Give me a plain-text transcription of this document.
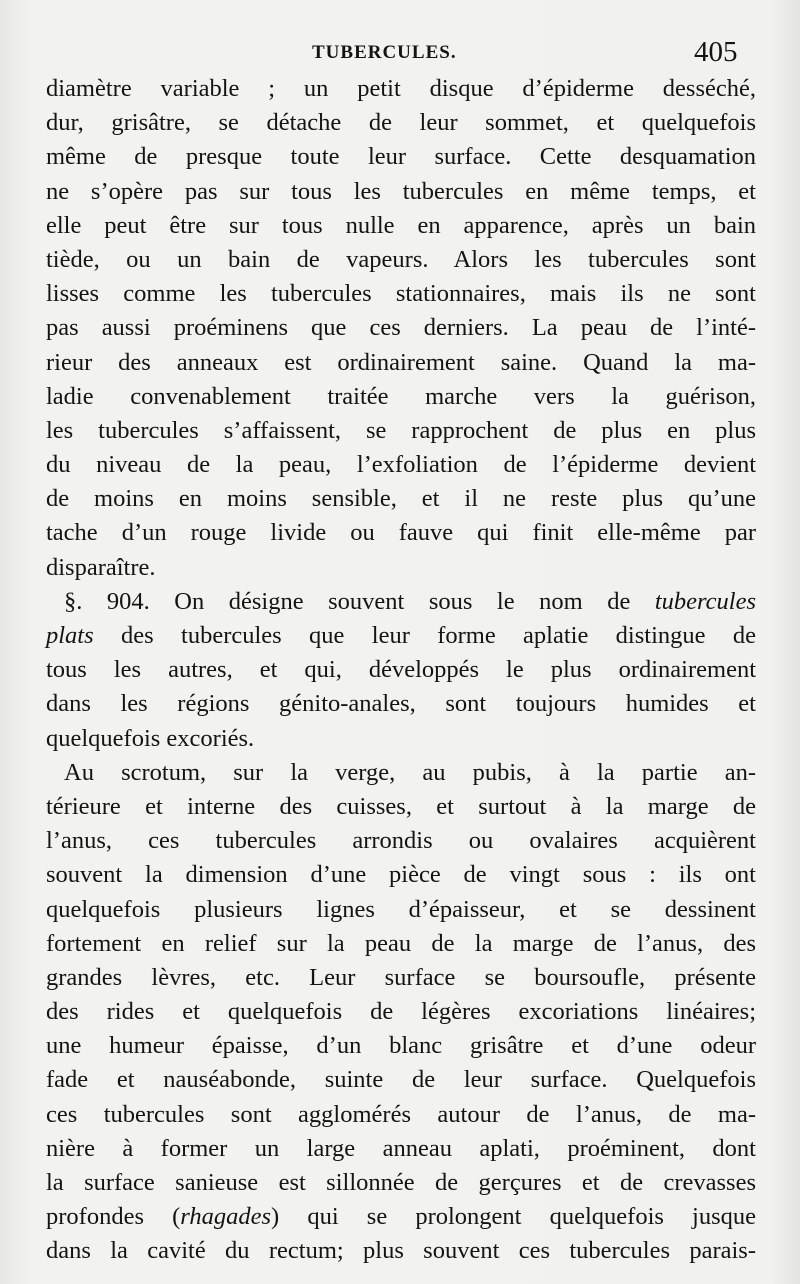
TUBERCULES.	405
diamètre variable ; un petit disque d’épiderme desséché,
dur, grisâtre, se détache de leur sommet, et quelquefois
même de presque toute leur surface. Cette desquamation
ne s’opère pas sur tous les tubercules en même temps, et
elle peut être sur tous nulle en apparence, après un bain
tiède, ou un bain de vapeurs. Alors les tubercules sont
lisses comme les tubercules stationnaires, mais ils ne sont
pas aussi proéminens que ces derniers. La peau de l’inté-
rieur des anneaux est ordinairement saine. Quand la ma-
ladie convenablement traitée marche vers la guérison,
les tubercules s’affaissent, se rapprochent de plus en plus
du niveau de la peau, l’exfoliation de l’épiderme devient
de moins en moins sensible, et il ne reste plus qu’une
tache d’un rouge livide ou fauve qui finit elle-même par
disparaître.
§. 904. On désigne souvent sous le nom de tubercules
plats des tubercules que leur forme aplatie distingue de
tous les autres, et qui, développés le plus ordinairement
dans les régions génito-anales, sont toujours humides et
quelquefois excoriés.
Au scrotum, sur la verge, au pubis, à la partie an-
térieure et interne des cuisses, et surtout à la marge de
l’anus, ces tubercules arrondis ou ovalaires acquièrent
souvent la dimension d’une pièce de vingt sous : ils ont
quelquefois plusieurs lignes d’épaisseur, et se dessinent
fortement en relief sur la peau de la marge de l’anus, des
grandes lèvres, etc. Leur surface se boursoufle, présente
des rides et quelquefois de légères excoriations linéaires;
une humeur épaisse, d’un blanc grisâtre et d’une odeur
fade et nauséabonde, suinte de leur surface. Quelquefois
ces tubercules sont agglomérés autour de l’anus, de ma-
nière à former un large anneau aplati, proéminent, dont
la surface sanieuse est sillonnée de gerçures et de crevasses
profondes (rhagades) qui se prolongent quelquefois jusque
dans la cavité du rectum; plus souvent ces tubercules parais-
